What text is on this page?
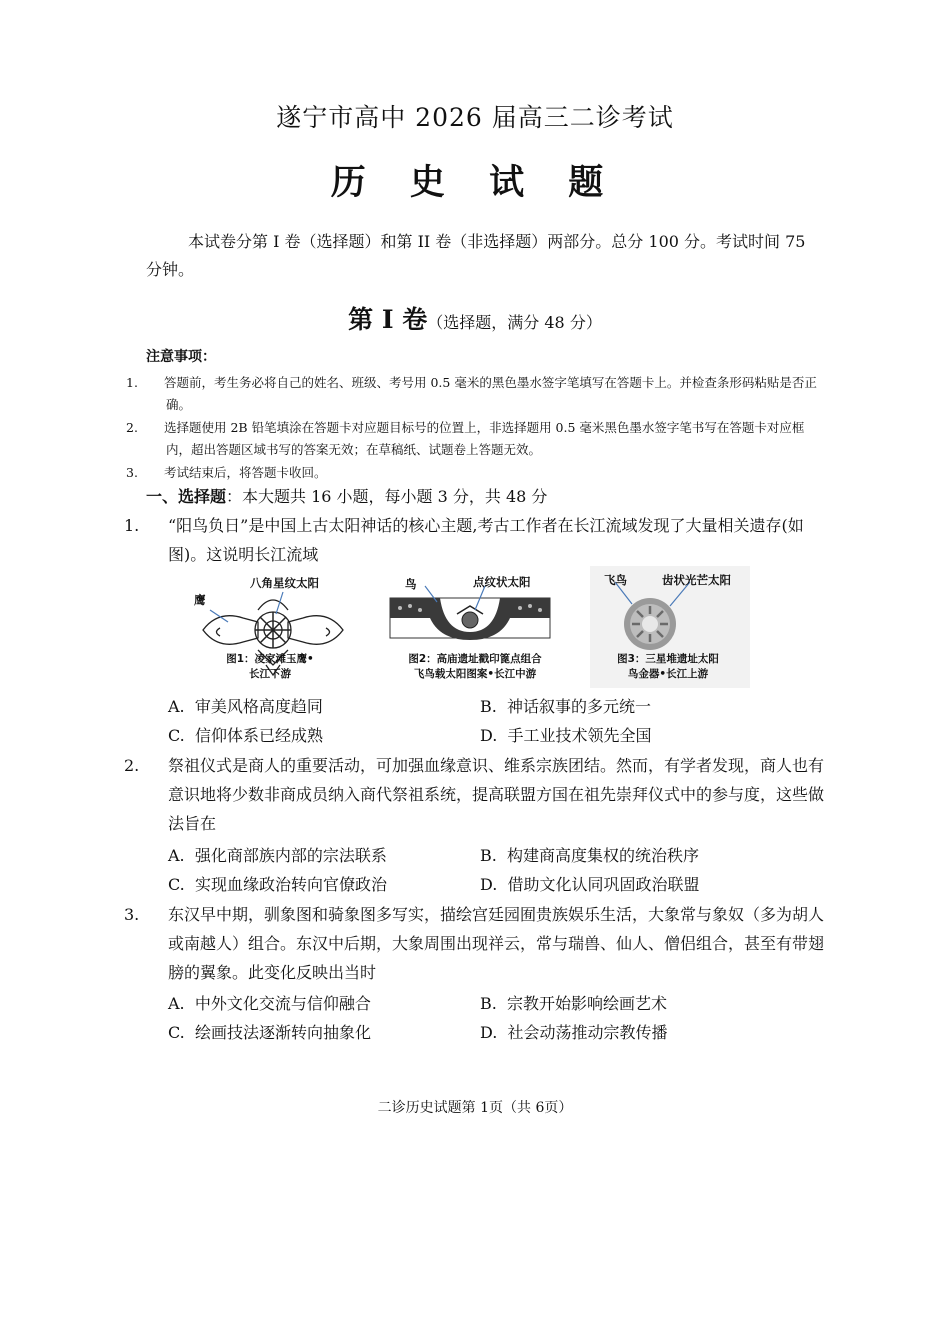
遂宁市高中 2026 届高三二诊考试
历 史 试 题
本试卷分第 I 卷（选择题）和第 II 卷（非选择题）两部分。总分 100 分。考试时间 75 分钟。
第 I 卷（选择题，满分 48 分）
注意事项：
1. 答题前，考生务必将自己的姓名、班级、考号用 0.5 毫米的黑色墨水签字笔填写在答题卡上。并检查条形码粘贴是否正确。
2. 选择题使用 2B 铅笔填涂在答题卡对应题目标号的位置上，非选择题用 0.5 毫米黑色墨水签字笔书写在答题卡对应框内，超出答题区域书写的答案无效；在草稿纸、试题卷上答题无效。
3. 考试结束后，将答题卡收回。
一、选择题：本大题共 16 小题，每小题 3 分，共 48 分
1. “阳鸟负日”是中国上古太阳神话的核心主题,考古工作者在长江流域发现了大量相关遗存(如图)。这说明长江流域
八角星纹太阳
鹰
图1：凌家滩玉鹰•
长江下游
鸟	点纹状太阳
图2：高庙遗址戳印篦点组合
飞鸟载太阳图案•长江中游
飞鸟	齿状光芒太阳
图3：三星堆遗址太阳
鸟金器•长江上游
A. 审美风格高度趋同	B. 神话叙事的多元统一
C. 信仰体系已经成熟	D. 手工业技术领先全国
2. 祭祖仪式是商人的重要活动，可加强血缘意识、维系宗族团结。然而，有学者发现，商人也有意识地将少数非商成员纳入商代祭祖系统，提高联盟方国在祖先崇拜仪式中的参与度，这些做法旨在
A. 强化商部族内部的宗法联系	B. 构建商高度集权的统治秩序
C. 实现血缘政治转向官僚政治	D. 借助文化认同巩固政治联盟
3. 东汉早中期，驯象图和骑象图多写实，描绘宫廷园囿贵族娱乐生活，大象常与象奴（多为胡人或南越人）组合。东汉中后期，大象周围出现祥云，常与瑞兽、仙人、僧侣组合，甚至有带翅膀的翼象。此变化反映出当时
A. 中外文化交流与信仰融合	B. 宗教开始影响绘画艺术
C. 绘画技法逐渐转向抽象化	D. 社会动荡推动宗教传播
二诊历史试题第 1页（共 6页）
